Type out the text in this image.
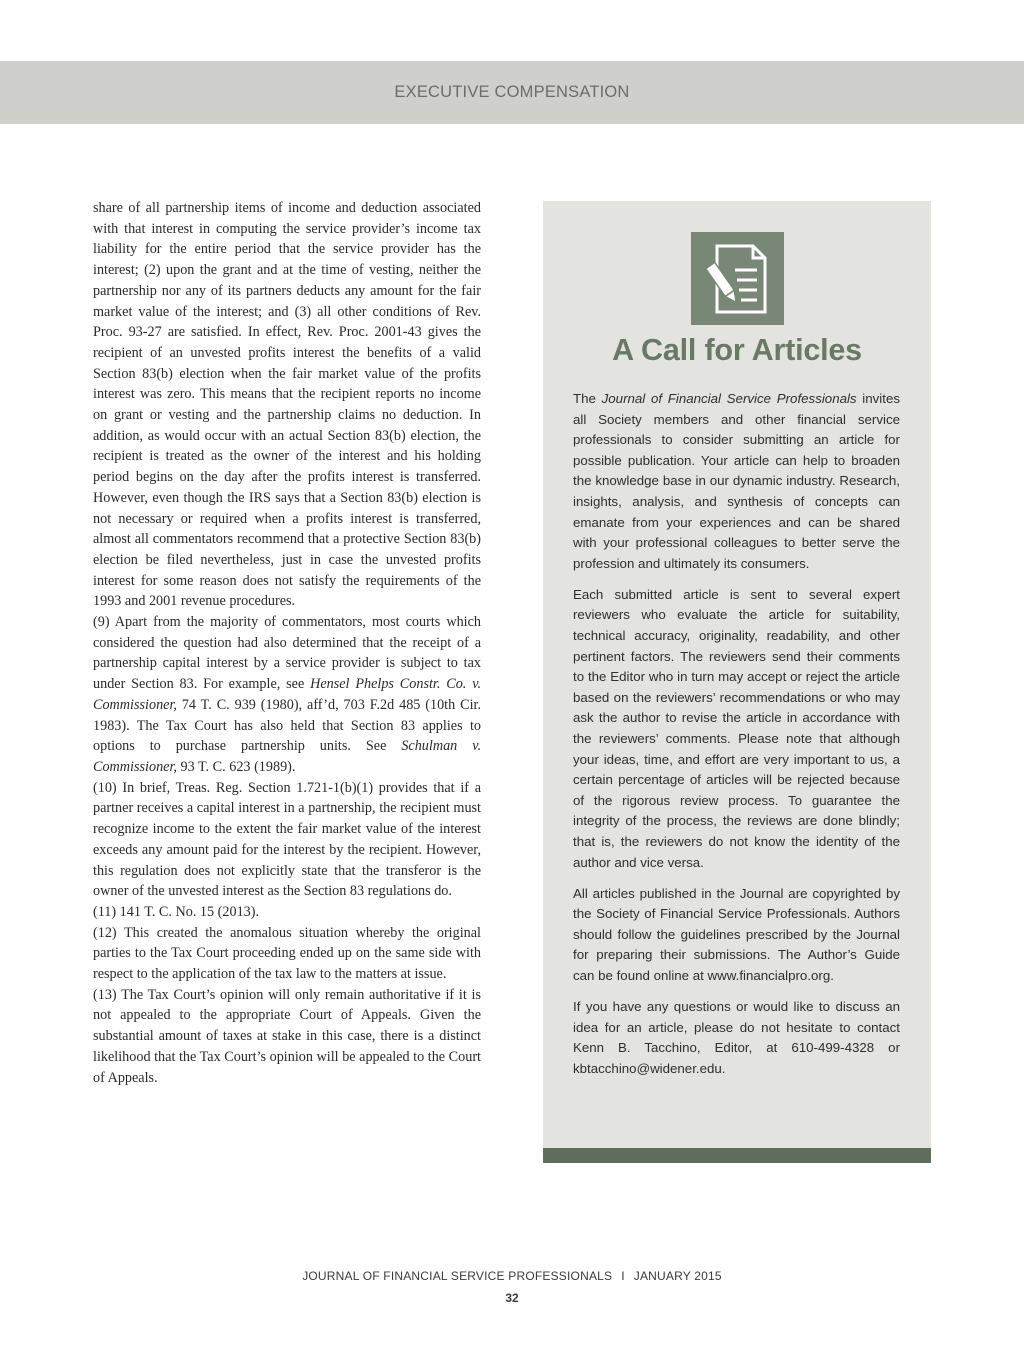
EXECUTIVE COMPENSATION

share of all partnership items of income and deduction associated with that interest in computing the service provider’s income tax liability for the entire period that the service provider has the interest; (2) upon the grant and at the time of vesting, neither the partnership nor any of its partners deducts any amount for the fair market value of the interest; and (3) all other conditions of Rev. Proc. 93-27 are satisfied. In effect, Rev. Proc. 2001-43 gives the recipient of an unvested profits interest the benefits of a valid Section 83(b) election when the fair market value of the profits interest was zero. This means that the recipient reports no income on grant or vesting and the partnership claims no deduction. In addition, as would occur with an actual Section 83(b) election, the recipient is treated as the owner of the interest and his holding period begins on the day after the profits interest is transferred. However, even though the IRS says that a Section 83(b) election is not necessary or required when a profits interest is transferred, almost all commentators recommend that a protective Section 83(b) election be filed nevertheless, just in case the unvested profits interest for some reason does not satisfy the requirements of the 1993 and 2001 revenue procedures.

(9) Apart from the majority of commentators, most courts which considered the question had also determined that the receipt of a partnership capital interest by a service provider is subject to tax under Section 83. For example, see Hensel Phelps Constr. Co. v. Commissioner, 74 T. C. 939 (1980), aff’d, 703 F.2d 485 (10th Cir. 1983). The Tax Court has also held that Section 83 applies to options to purchase partnership units. See Schulman v. Commissioner, 93 T. C. 623 (1989).

(10) In brief, Treas. Reg. Section 1.721-1(b)(1) provides that if a partner receives a capital interest in a partnership, the recipient must recognize income to the extent the fair market value of the interest exceeds any amount paid for the interest by the recipient. However, this regulation does not explicitly state that the transferor is the owner of the unvested interest as the Section 83 regulations do.

(11) 141 T. C. No. 15 (2013).

(12) This created the anomalous situation whereby the original parties to the Tax Court proceeding ended up on the same side with respect to the application of the tax law to the matters at issue.

(13) The Tax Court’s opinion will only remain authoritative if it is not appealed to the appropriate Court of Appeals. Given the substantial amount of taxes at stake in this case, there is a distinct likelihood that the Tax Court’s opinion will be appealed to the Court of Appeals.

A Call for Articles

The Journal of Financial Service Professionals invites all Society members and other financial service professionals to consider submitting an article for possible publication. Your article can help to broaden the knowledge base in our dynamic industry. Research, insights, analysis, and synthesis of concepts can emanate from your experiences and can be shared with your professional colleagues to better serve the profession and ultimately its consumers.

Each submitted article is sent to several expert reviewers who evaluate the article for suitability, technical accuracy, originality, readability, and other pertinent factors. The reviewers send their comments to the Editor who in turn may accept or reject the article based on the reviewers’ recommendations or who may ask the author to revise the article in accordance with the reviewers’ comments. Please note that although your ideas, time, and effort are very important to us, a certain percentage of articles will be rejected because of the rigorous review process. To guarantee the integrity of the process, the reviews are done blindly; that is, the reviewers do not know the identity of the author and vice versa.

All articles published in the Journal are copyrighted by the Society of Financial Service Professionals. Authors should follow the guidelines prescribed by the Journal for preparing their submissions. The Author’s Guide can be found online at www.financialpro.org.

If you have any questions or would like to discuss an idea for an article, please do not hesitate to contact Kenn B. Tacchino, Editor, at 610-499-4328 or kbtacchino@widener.edu.

JOURNAL OF FINANCIAL SERVICE PROFESSIONALS I JANUARY 2015
32
